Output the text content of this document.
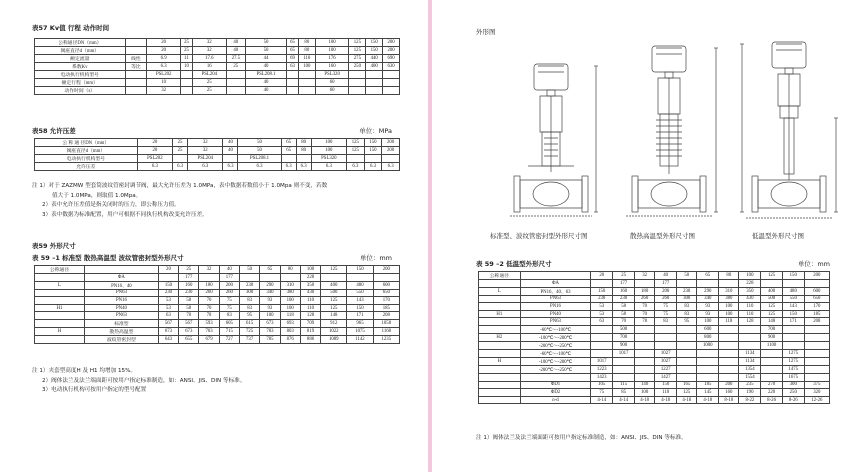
表57 Kv值 行程 动作时间
公称通径DN（mm）		20	25	32	40	50	65	80	100	125	150	200
阀座直径d（mm）		20	25	32	40	50	65	80	100	125	150	200
额定流量	线性	6.9	11	17.6	27.5	44	69	110	176	275	440	690
系数Kv	等比	6.3	10	16	25	40	63	100	160	250	400	630
电动执行机构型号		PSL202		PSL204		PSL208.1			PSL320			
额定行程（mm）		10		25		40			60			
动作时间（s）		32		25		40			60			
表58 允许压差	单位：MPa
公 称 通 径DN（mm）	20	25	32	40	50	65	80	100	125	150	200
阀座直径d（mm）	20	25	32	40	50	65	80	100	125	150	200
电动执行机构型号	PSL202		PSL204		PSL208.1			PSL320			
允许压差	6.3	6.3	6.3	6.3	6.3	6.3	6.3	6.3	6.3	6.3	6.3
注 1）对于 ZAZMW 型套筒波纹管密封调节阀，最大允许压差为 1.0MPa，表中数据若数值小于 1.0Mpa 则不变，若数
值大于 1.0MPa，则取值 1.0Mpa。
2）表中允许压差值是指关闭时的压力，即公称压力值。
3）表中数据为标准配置，用户可根据不同执行机构改变允许压差。
表59 外形尺寸
表 59 –1 标准型 散热高温型 波纹管密封型外形尺寸	单位：mm
公称通径		20	25	32	40	50	65	80	100	125	150	200
	ΦA		177		177				228			
L	PN16、40	150	160	180	200	230	290	310	350	400	480	600
	PN63	230	230	260	260	300	340	380	430	500	550	650
	PN16	53	58	70	75	83	93	100	110	125	143	170
H1	PN40	53	58	70	75	83	93	100	110	125	150	185
	PN63	63	70	78	83	95	100	118	128	148	171	208
	标准型	567	567	593	605	615	673	693	709	912	965	1058
H	散热高温型	673	673	703	715	725	783	803	819	1022	1075	1168
	波纹管密封型	643	655	679	727	737	785	876	886	1089	1142	1235
注 1）夹套型高度H 及 H1 均增加 15%。
2）阀体法兰及法兰端面距可按用户指定标准制造，如：ANSI、JIS、DIN 等标准。
3）电动执行机构可按用户指定的型号配置
外形图
标准型、波纹管密封型外形尺寸图	散热高温型外形尺寸图	低温型外形尺寸图
表 59 –2 低温型外形尺寸	单位：mm
公称通径		20	25	32	40	50	65	80	100	125	150	200
	ΦA		177		177				228			
L	PN16、40、63	150	160	180	200	230	290	310	350	400	480	600
	PN63	230	230	260	260	300	340	380	430	500	550	650
	PN16	53	58	70	75	83	93	100	110	125	143	170
H1	PN40	53	58	70	75	83	93	100	110	125	150	185
	PN63	63	70	78	83	95	100	118	128	148	171	208
	-60℃～-100℃		500				600			700		
H2	-100℃～-200℃		700				800			900		
	-200℃～-250℃		900				1000			1100		
	-60℃～-100℃		1017		1027				1134		1275	
H	-100℃～-200℃	1017			1027				1134		1275	
	-200℃～-250℃	1223			1227				1354		1475	
		1423			1427				1554		1675	
	ΦD1	105	115	140	150	165	185	200	235	270	300	375
	ΦD2	75	85	100	110	125	145	160	190	220	250	320
	n-d	4-14	4-14	4-18	4-18	4-18	4-18	8-18	8-22	8-26	8-26	12-26
注 1）阀体法兰及法兰端面距可按用户指定标准制造，如：ANSI、JIS、DIN 等标准。
